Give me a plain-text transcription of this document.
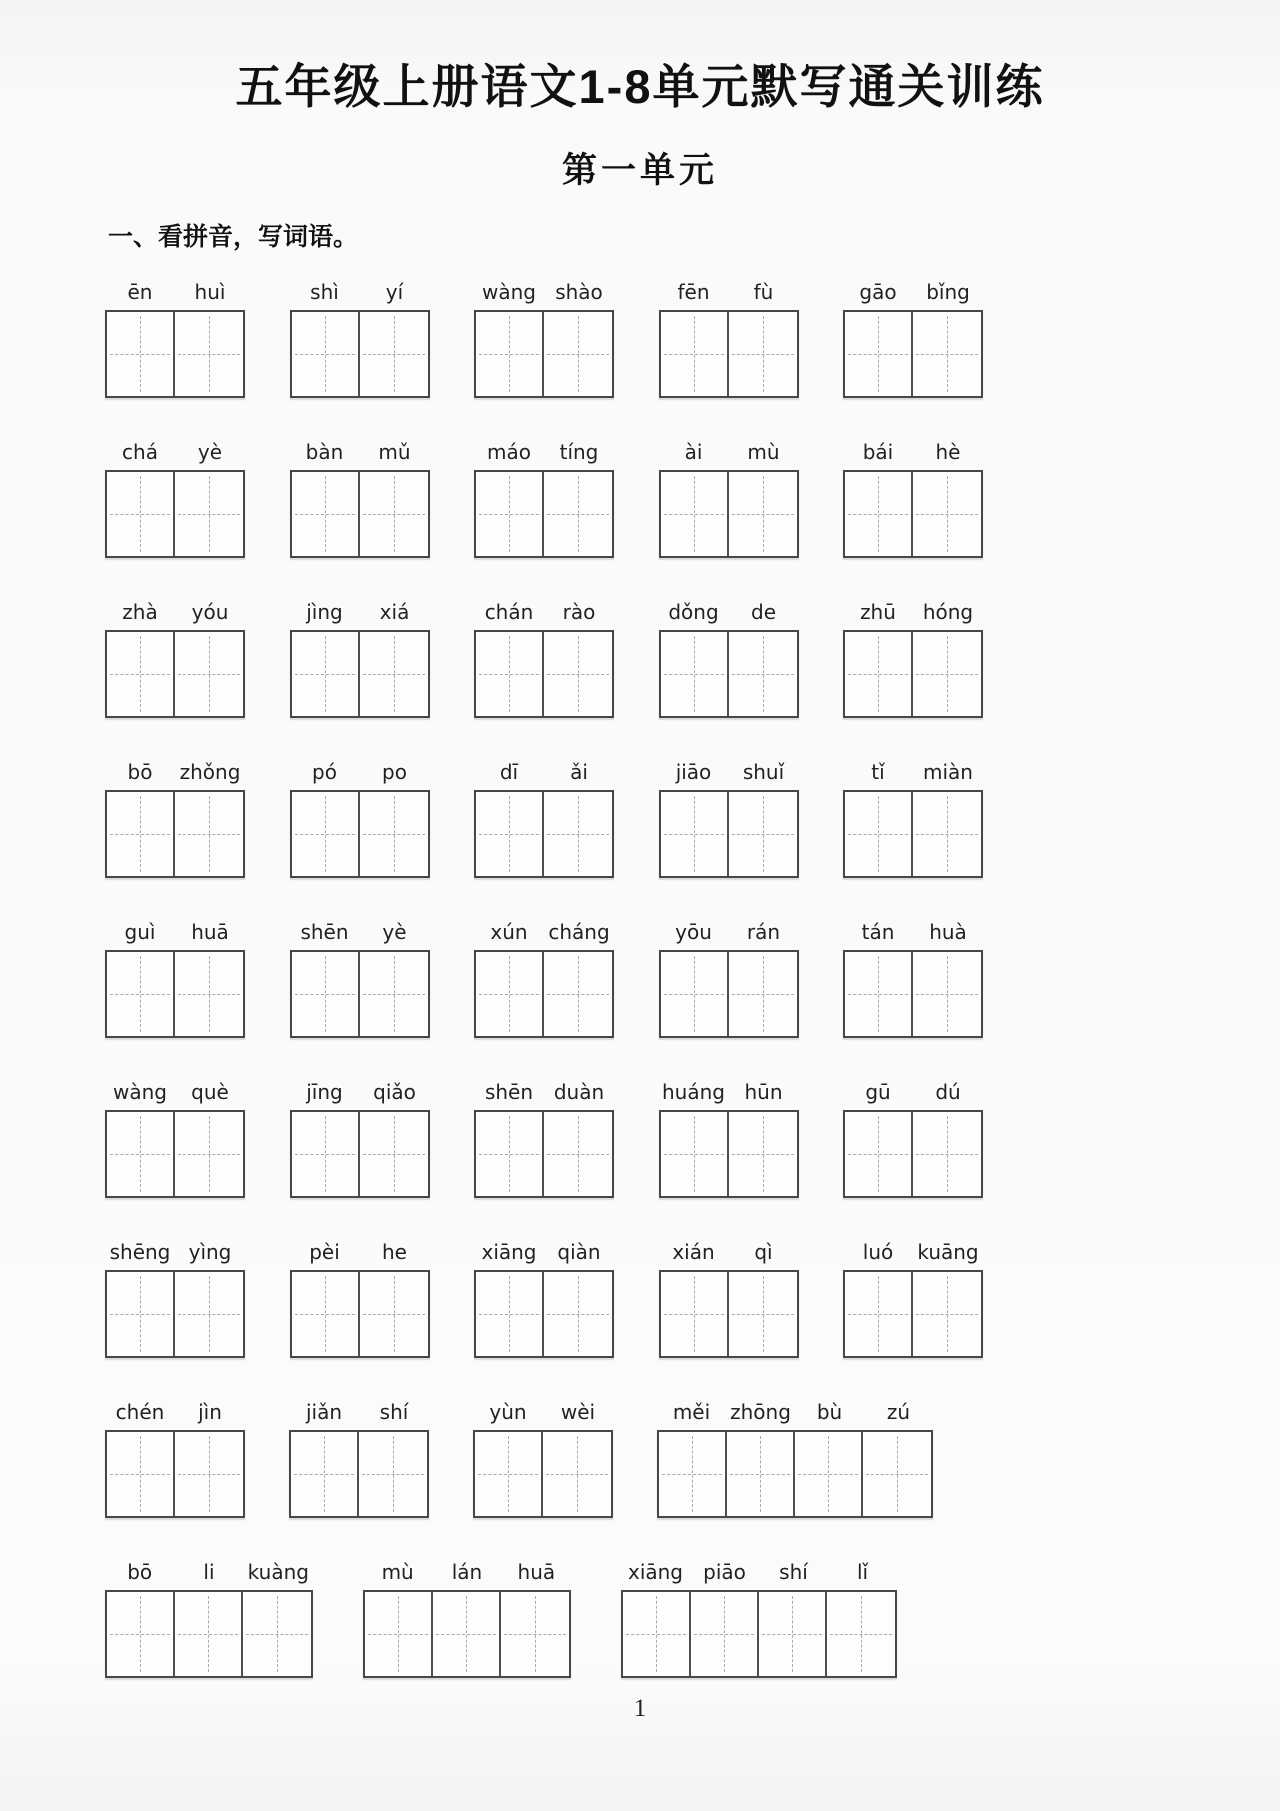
五年级上册语文1-8单元默写通关训练
第一单元
一、看拼音，写词语。
ēn	huì	shì	yí	wàng shào	fēn	fù	gāo	bǐng
chá	yè	bàn	mǔ	máo	tíng	ài	mù	bái	hè
zhà	yóu	jìng	xiá	chán	rào	dǒng	de	zhū	hóng
bō	zhǒng	pó	po	dī	ǎi	jiāo	shuǐ	tǐ	miàn
guì	huā	shēn	yè	xún	cháng	yōu	rán	tán	huà
wàng	què	jīng	qiǎo	shēn	duàn	huáng hūn	gū	dú
shēng yìng	pèi	he	xiāng	qiàn	xián	qì	luó	kuāng
chén	jìn	jiǎn	shí	yùn	wèi	měi zhōng	bù	zú
bō	li	kuàng	mù	lán	huā	xiāng	piāo	shí	lǐ
1
